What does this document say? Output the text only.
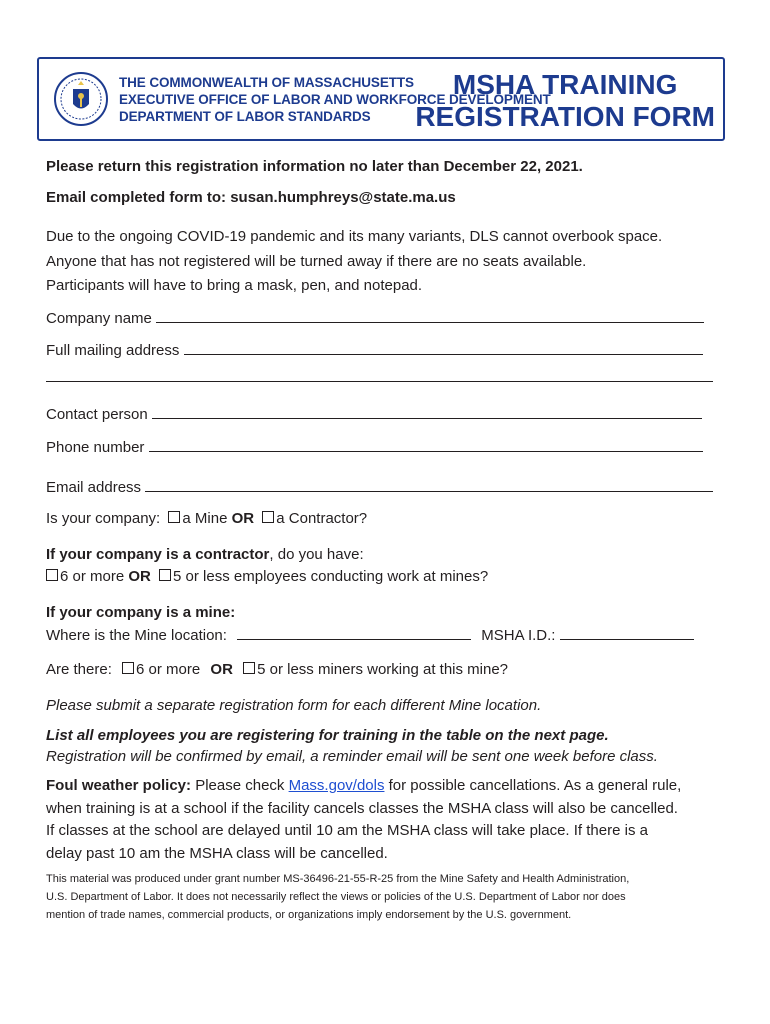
THE COMMONWEALTH OF MASSACHUSETTS
EXECUTIVE OFFICE OF LABOR AND WORKFORCE DEVELOPMENT
DEPARTMENT OF LABOR STANDARDS
MSHA TRAINING
REGISTRATION FORM
Please return this registration information no later than December 22, 2021.
Email completed form to: susan.humphreys@state.ma.us
Due to the ongoing COVID-19 pandemic and its many variants, DLS cannot overbook space.
Anyone that has not registered will be turned away if there are no seats available.
Participants will have to bring a mask, pen, and notepad.
Company name
Full mailing address
Contact person
Phone number
Email address
Is your company: a Mine OR a Contractor?
If your company is a contractor, do you have:
6 or more OR 5 or less employees conducting work at mines?
If your company is a mine:
Where is the Mine location:	MSHA I.D.:
Are there: 6 or more OR 5 or less miners working at this mine?
Please submit a separate registration form for each different Mine location.
List all employees you are registering for training in the table on the next page.
Registration will be confirmed by email, a reminder email will be sent one week before class.
Foul weather policy: Please check Mass.gov/dols for possible cancellations. As a general rule,
when training is at a school if the facility cancels classes the MSHA class will also be cancelled.
If classes at the school are delayed until 10 am the MSHA class will take place. If there is a
delay past 10 am the MSHA class will be cancelled.
This material was produced under grant number MS-36496-21-55-R-25 from the Mine Safety and Health Administration,
U.S. Department of Labor. It does not necessarily reflect the views or policies of the U.S. Department of Labor nor does
mention of trade names, commercial products, or organizations imply endorsement by the U.S. government.
